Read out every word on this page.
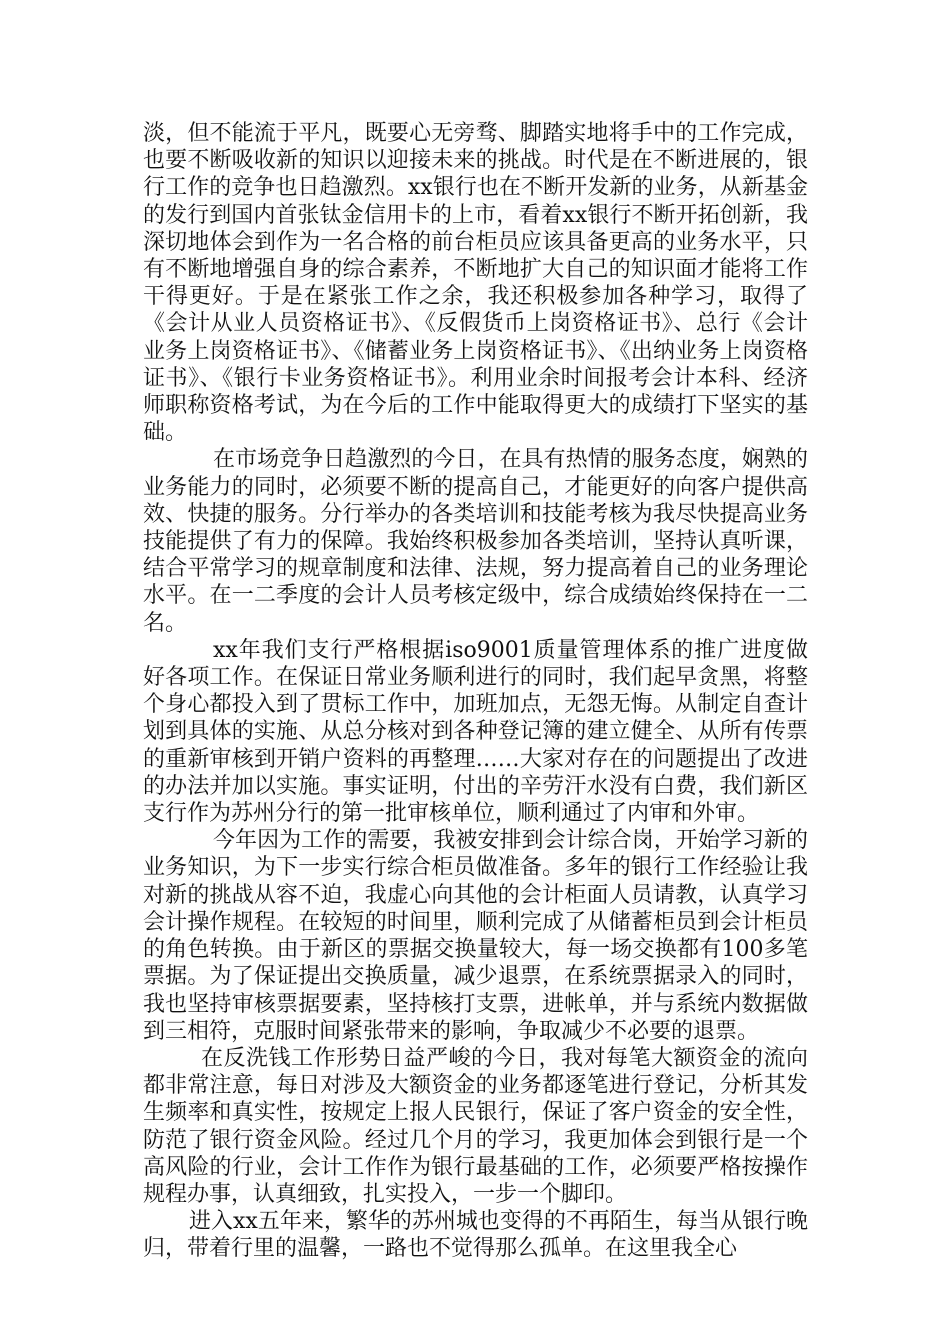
淡，但不能流于平凡，既要心无旁骛、脚踏实地将手中的工作完成，也要不断吸收新的知识以迎接未来的挑战。时代是在不断进展的，银行工作的竞争也日趋激烈。xx银行也在不断开发新的业务，从新基金的发行到国内首张钛金信用卡的上市，看着xx银行不断开拓创新，我深切地体会到作为一名合格的前台柜员应该具备更高的业务水平，只有不断地增强自身的综合素养，不断地扩大自己的知识面才能将工作干得更好。于是在紧张工作之余，我还积极参加各种学习，取得了《会计从业人员资格证书》、《反假货币上岗资格证书》、总行《会计业务上岗资格证书》、《储蓄业务上岗资格证书》、《出纳业务上岗资格证书》、《银行卡业务资格证书》。利用业余时间报考会计本科、经济师职称资格考试，为在今后的工作中能取得更大的成绩打下坚实的基础。

在市场竞争日趋激烈的今日，在具有热情的服务态度，娴熟的业务能力的同时，必须要不断的提高自己，才能更好的向客户提供高效、快捷的服务。分行举办的各类培训和技能考核为我尽快提高业务技能提供了有力的保障。我始终积极参加各类培训，坚持认真听课，结合平常学习的规章制度和法律、法规，努力提高着自己的业务理论水平。在一二季度的会计人员考核定级中，综合成绩始终保持在一二名。

xx年我们支行严格根据iso9001质量管理体系的推广进度做好各项工作。在保证日常业务顺利进行的同时，我们起早贪黑，将整个身心都投入到了贯标工作中，加班加点，无怨无悔。从制定自查计划到具体的实施、从总分核对到各种登记簿的建立健全、从所有传票的重新审核到开销户资料的再整理……大家对存在的问题提出了改进的办法并加以实施。事实证明，付出的辛劳汗水没有白费，我们新区支行作为苏州分行的第一批审核单位，顺利通过了内审和外审。

今年因为工作的需要，我被安排到会计综合岗，开始学习新的业务知识，为下一步实行综合柜员做准备。多年的银行工作经验让我对新的挑战从容不迫，我虚心向其他的会计柜面人员请教，认真学习会计操作规程。在较短的时间里，顺利完成了从储蓄柜员到会计柜员的角色转换。由于新区的票据交换量较大，每一场交换都有100多笔票据。为了保证提出交换质量，减少退票，在系统票据录入的同时，我也坚持审核票据要素，坚持核打支票，进帐单，并与系统内数据做到三相符，克服时间紧张带来的影响，争取减少不必要的退票。

在反洗钱工作形势日益严峻的今日，我对每笔大额资金的流向都非常注意，每日对涉及大额资金的业务都逐笔进行登记，分析其发生频率和真实性，按规定上报人民银行，保证了客户资金的安全性，防范了银行资金风险。经过几个月的学习，我更加体会到银行是一个高风险的行业，会计工作作为银行最基础的工作，必须要严格按操作规程办事，认真细致，扎实投入，一步一个脚印。

进入xx五年来，繁华的苏州城也变得的不再陌生，每当从银行晚归，带着行里的温馨，一路也不觉得那么孤单。在这里我全心
